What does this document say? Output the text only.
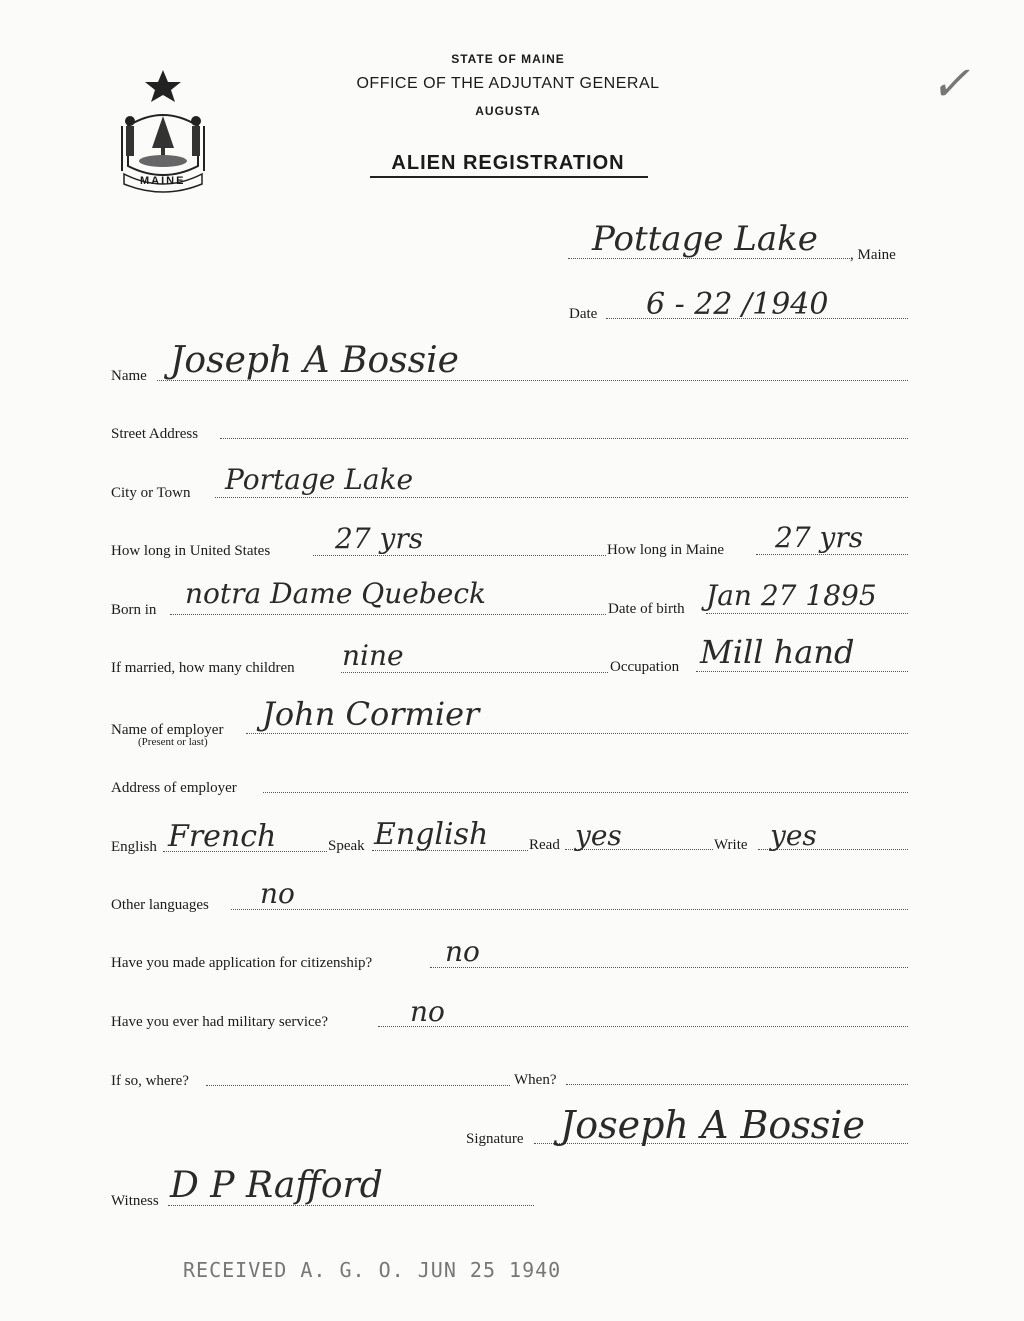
STATE OF MAINE
OFFICE OF THE ADJUTANT GENERAL
AUGUSTA
ALIEN REGISTRATION
MAINE
✓
Pottage Lake , Maine
Date 6 - 22 /1940
Name Joseph A Bossie
Street Address
City or Town Portage Lake
How long in United States 27 yrs	How long in Maine 27 yrs
Born in notra Dame Quebeck	Date of birth Jan 27 1895
If married, how many children nine	Occupation Mill hand
Name of employer
(Present or last)
John Cormier
Address of employer
English French	Speak English	Read yes	Write yes
Other languages no
Have you made application for citizenship?	no
Have you ever had military service?	no
If so, where?	When?
Signature Joseph A Bossie
Witness D P Rafford
RECEIVED A. G. O. JUN 25 1940
